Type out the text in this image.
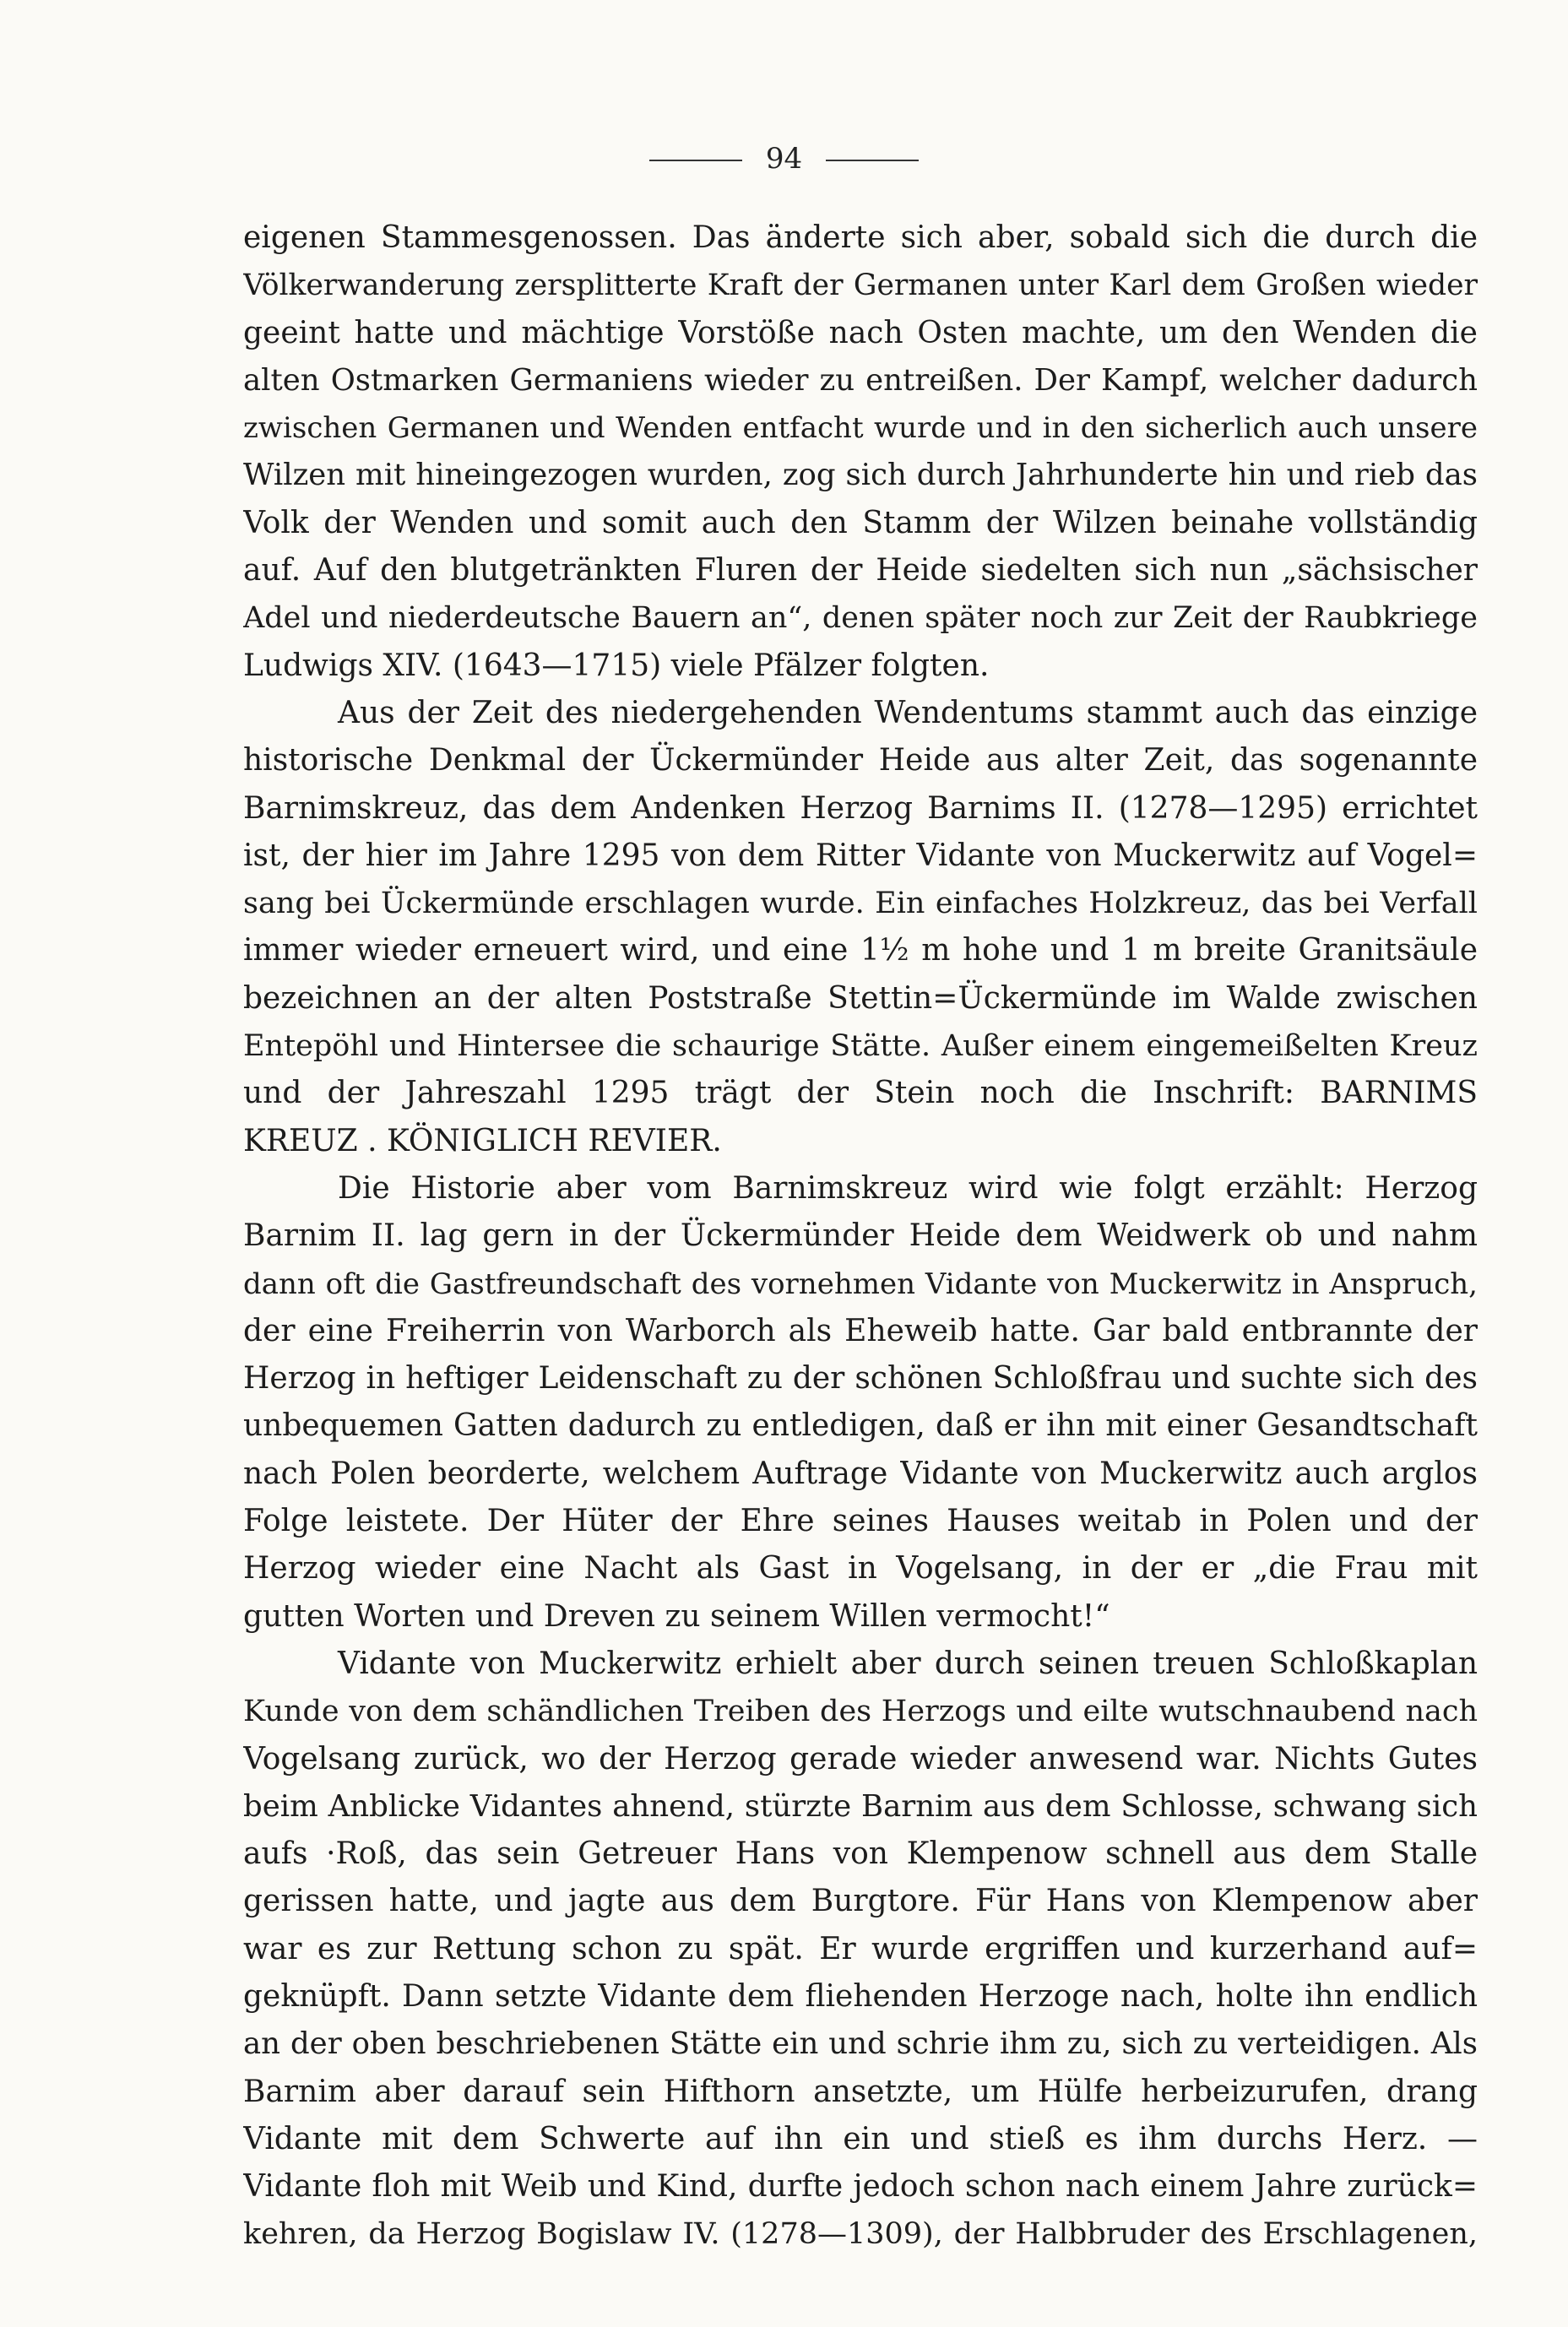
94
eigenen Stammesgenossen. Das änderte sich aber, sobald sich die durch die
Völkerwanderung zersplitterte Kraft der Germanen unter Karl dem Großen wieder
geeint hatte und mächtige Vorstöße nach Osten machte, um den Wenden die
alten Ostmarken Germaniens wieder zu entreißen. Der Kampf, welcher dadurch
zwischen Germanen und Wenden entfacht wurde und in den sicherlich auch unsere
Wilzen mit hineingezogen wurden, zog sich durch Jahrhunderte hin und rieb das
Volk der Wenden und somit auch den Stamm der Wilzen beinahe vollständig
auf. Auf den blutgetränkten Fluren der Heide siedelten sich nun „sächsischer
Adel und niederdeutsche Bauern an“, denen später noch zur Zeit der Raubkriege
Ludwigs XIV. (1643—1715) viele Pfälzer folgten.
Aus der Zeit des niedergehenden Wendentums stammt auch das einzige
historische Denkmal der Ückermünder Heide aus alter Zeit, das sogenannte
Barnimskreuz, das dem Andenken Herzog Barnims II. (1278—1295) errichtet
ist, der hier im Jahre 1295 von dem Ritter Vidante von Muckerwitz auf Vogel=
sang bei Ückermünde erschlagen wurde. Ein einfaches Holzkreuz, das bei Verfall
immer wieder erneuert wird, und eine 1½ m hohe und 1 m breite Granitsäule
bezeichnen an der alten Poststraße Stettin=Ückermünde im Walde zwischen
Entepöhl und Hintersee die schaurige Stätte. Außer einem eingemeißelten Kreuz
und der Jahreszahl 1295 trägt der Stein noch die Inschrift: BARNIMS
KREUZ . KÖNIGLICH REVIER.
Die Historie aber vom Barnimskreuz wird wie folgt erzählt: Herzog
Barnim II. lag gern in der Ückermünder Heide dem Weidwerk ob und nahm
dann oft die Gastfreundschaft des vornehmen Vidante von Muckerwitz in Anspruch,
der eine Freiherrin von Warborch als Eheweib hatte. Gar bald entbrannte der
Herzog in heftiger Leidenschaft zu der schönen Schloßfrau und suchte sich des
unbequemen Gatten dadurch zu entledigen, daß er ihn mit einer Gesandtschaft
nach Polen beorderte, welchem Auftrage Vidante von Muckerwitz auch arglos
Folge leistete. Der Hüter der Ehre seines Hauses weitab in Polen und der
Herzog wieder eine Nacht als Gast in Vogelsang, in der er „die Frau mit
gutten Worten und Dreven zu seinem Willen vermocht!“
Vidante von Muckerwitz erhielt aber durch seinen treuen Schloßkaplan
Kunde von dem schändlichen Treiben des Herzogs und eilte wutschnaubend nach
Vogelsang zurück, wo der Herzog gerade wieder anwesend war. Nichts Gutes
beim Anblicke Vidantes ahnend, stürzte Barnim aus dem Schlosse, schwang sich
aufs ·Roß, das sein Getreuer Hans von Klempenow schnell aus dem Stalle
gerissen hatte, und jagte aus dem Burgtore. Für Hans von Klempenow aber
war es zur Rettung schon zu spät. Er wurde ergriffen und kurzerhand auf=
geknüpft. Dann setzte Vidante dem fliehenden Herzoge nach, holte ihn endlich
an der oben beschriebenen Stätte ein und schrie ihm zu, sich zu verteidigen. Als
Barnim aber darauf sein Hifthorn ansetzte, um Hülfe herbeizurufen, drang
Vidante mit dem Schwerte auf ihn ein und stieß es ihm durchs Herz. —
Vidante floh mit Weib und Kind, durfte jedoch schon nach einem Jahre zurück=
kehren, da Herzog Bogislaw IV. (1278—1309), der Halbbruder des Erschlagenen,
